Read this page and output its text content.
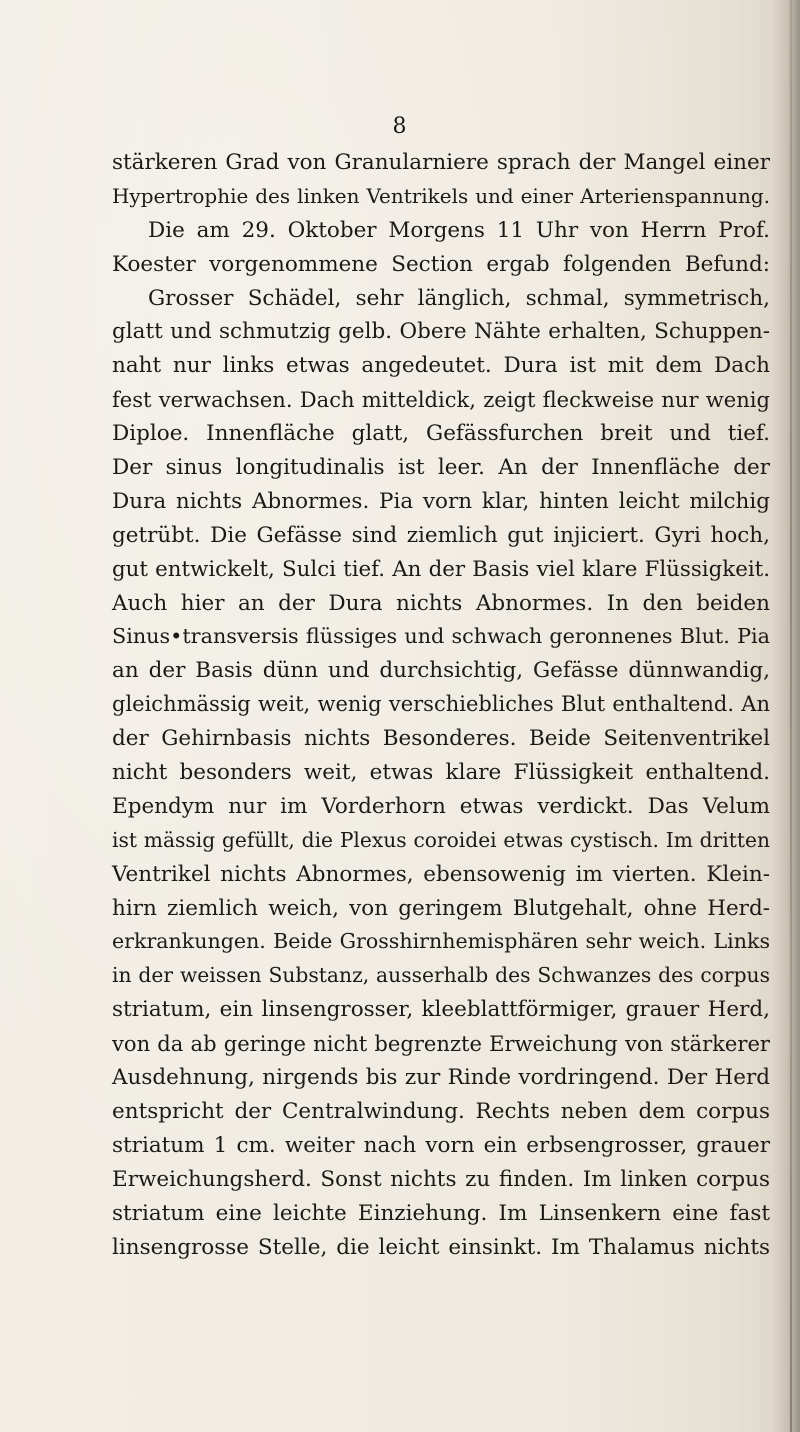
8
stärkeren Grad von Granularniere sprach der Mangel einer
Hypertrophie des linken Ventrikels und einer Arterienspannung.
Die am 29. Oktober Morgens 11 Uhr von Herrn Prof.
Koester vorgenommene Section ergab folgenden Befund:
Grosser Schädel, sehr länglich, schmal, symmetrisch,
glatt und schmutzig gelb. Obere Nähte erhalten, Schuppen-
naht nur links etwas angedeutet. Dura ist mit dem Dach
fest verwachsen. Dach mitteldick, zeigt fleckweise nur wenig
Diploe. Innenfläche glatt, Gefässfurchen breit und tief.
Der sinus longitudinalis ist leer. An der Innenfläche der
Dura nichts Abnormes. Pia vorn klar, hinten leicht milchig
getrübt. Die Gefässe sind ziemlich gut injiciert. Gyri hoch,
gut entwickelt, Sulci tief. An der Basis viel klare Flüssigkeit.
Auch hier an der Dura nichts Abnormes. In den beiden
Sinus•transversis flüssiges und schwach geronnenes Blut. Pia
an der Basis dünn und durchsichtig, Gefässe dünnwandig,
gleichmässig weit, wenig verschiebliches Blut enthaltend. An
der Gehirnbasis nichts Besonderes. Beide Seitenventrikel
nicht besonders weit, etwas klare Flüssigkeit enthaltend.
Ependym nur im Vorderhorn etwas verdickt. Das Velum
ist mässig gefüllt, die Plexus coroidei etwas cystisch. Im dritten
Ventrikel nichts Abnormes, ebensowenig im vierten. Klein-
hirn ziemlich weich, von geringem Blutgehalt, ohne Herd-
erkrankungen. Beide Grosshirnhemisphären sehr weich. Links
in der weissen Substanz, ausserhalb des Schwanzes des corpus
striatum, ein linsengrosser, kleeblattförmiger, grauer Herd,
von da ab geringe nicht begrenzte Erweichung von stärkerer
Ausdehnung, nirgends bis zur Rinde vordringend. Der Herd
entspricht der Centralwindung. Rechts neben dem corpus
striatum 1 cm. weiter nach vorn ein erbsengrosser, grauer
Erweichungsherd. Sonst nichts zu finden. Im linken corpus
striatum eine leichte Einziehung. Im Linsenkern eine fast
linsengrosse Stelle, die leicht einsinkt. Im Thalamus nichts
